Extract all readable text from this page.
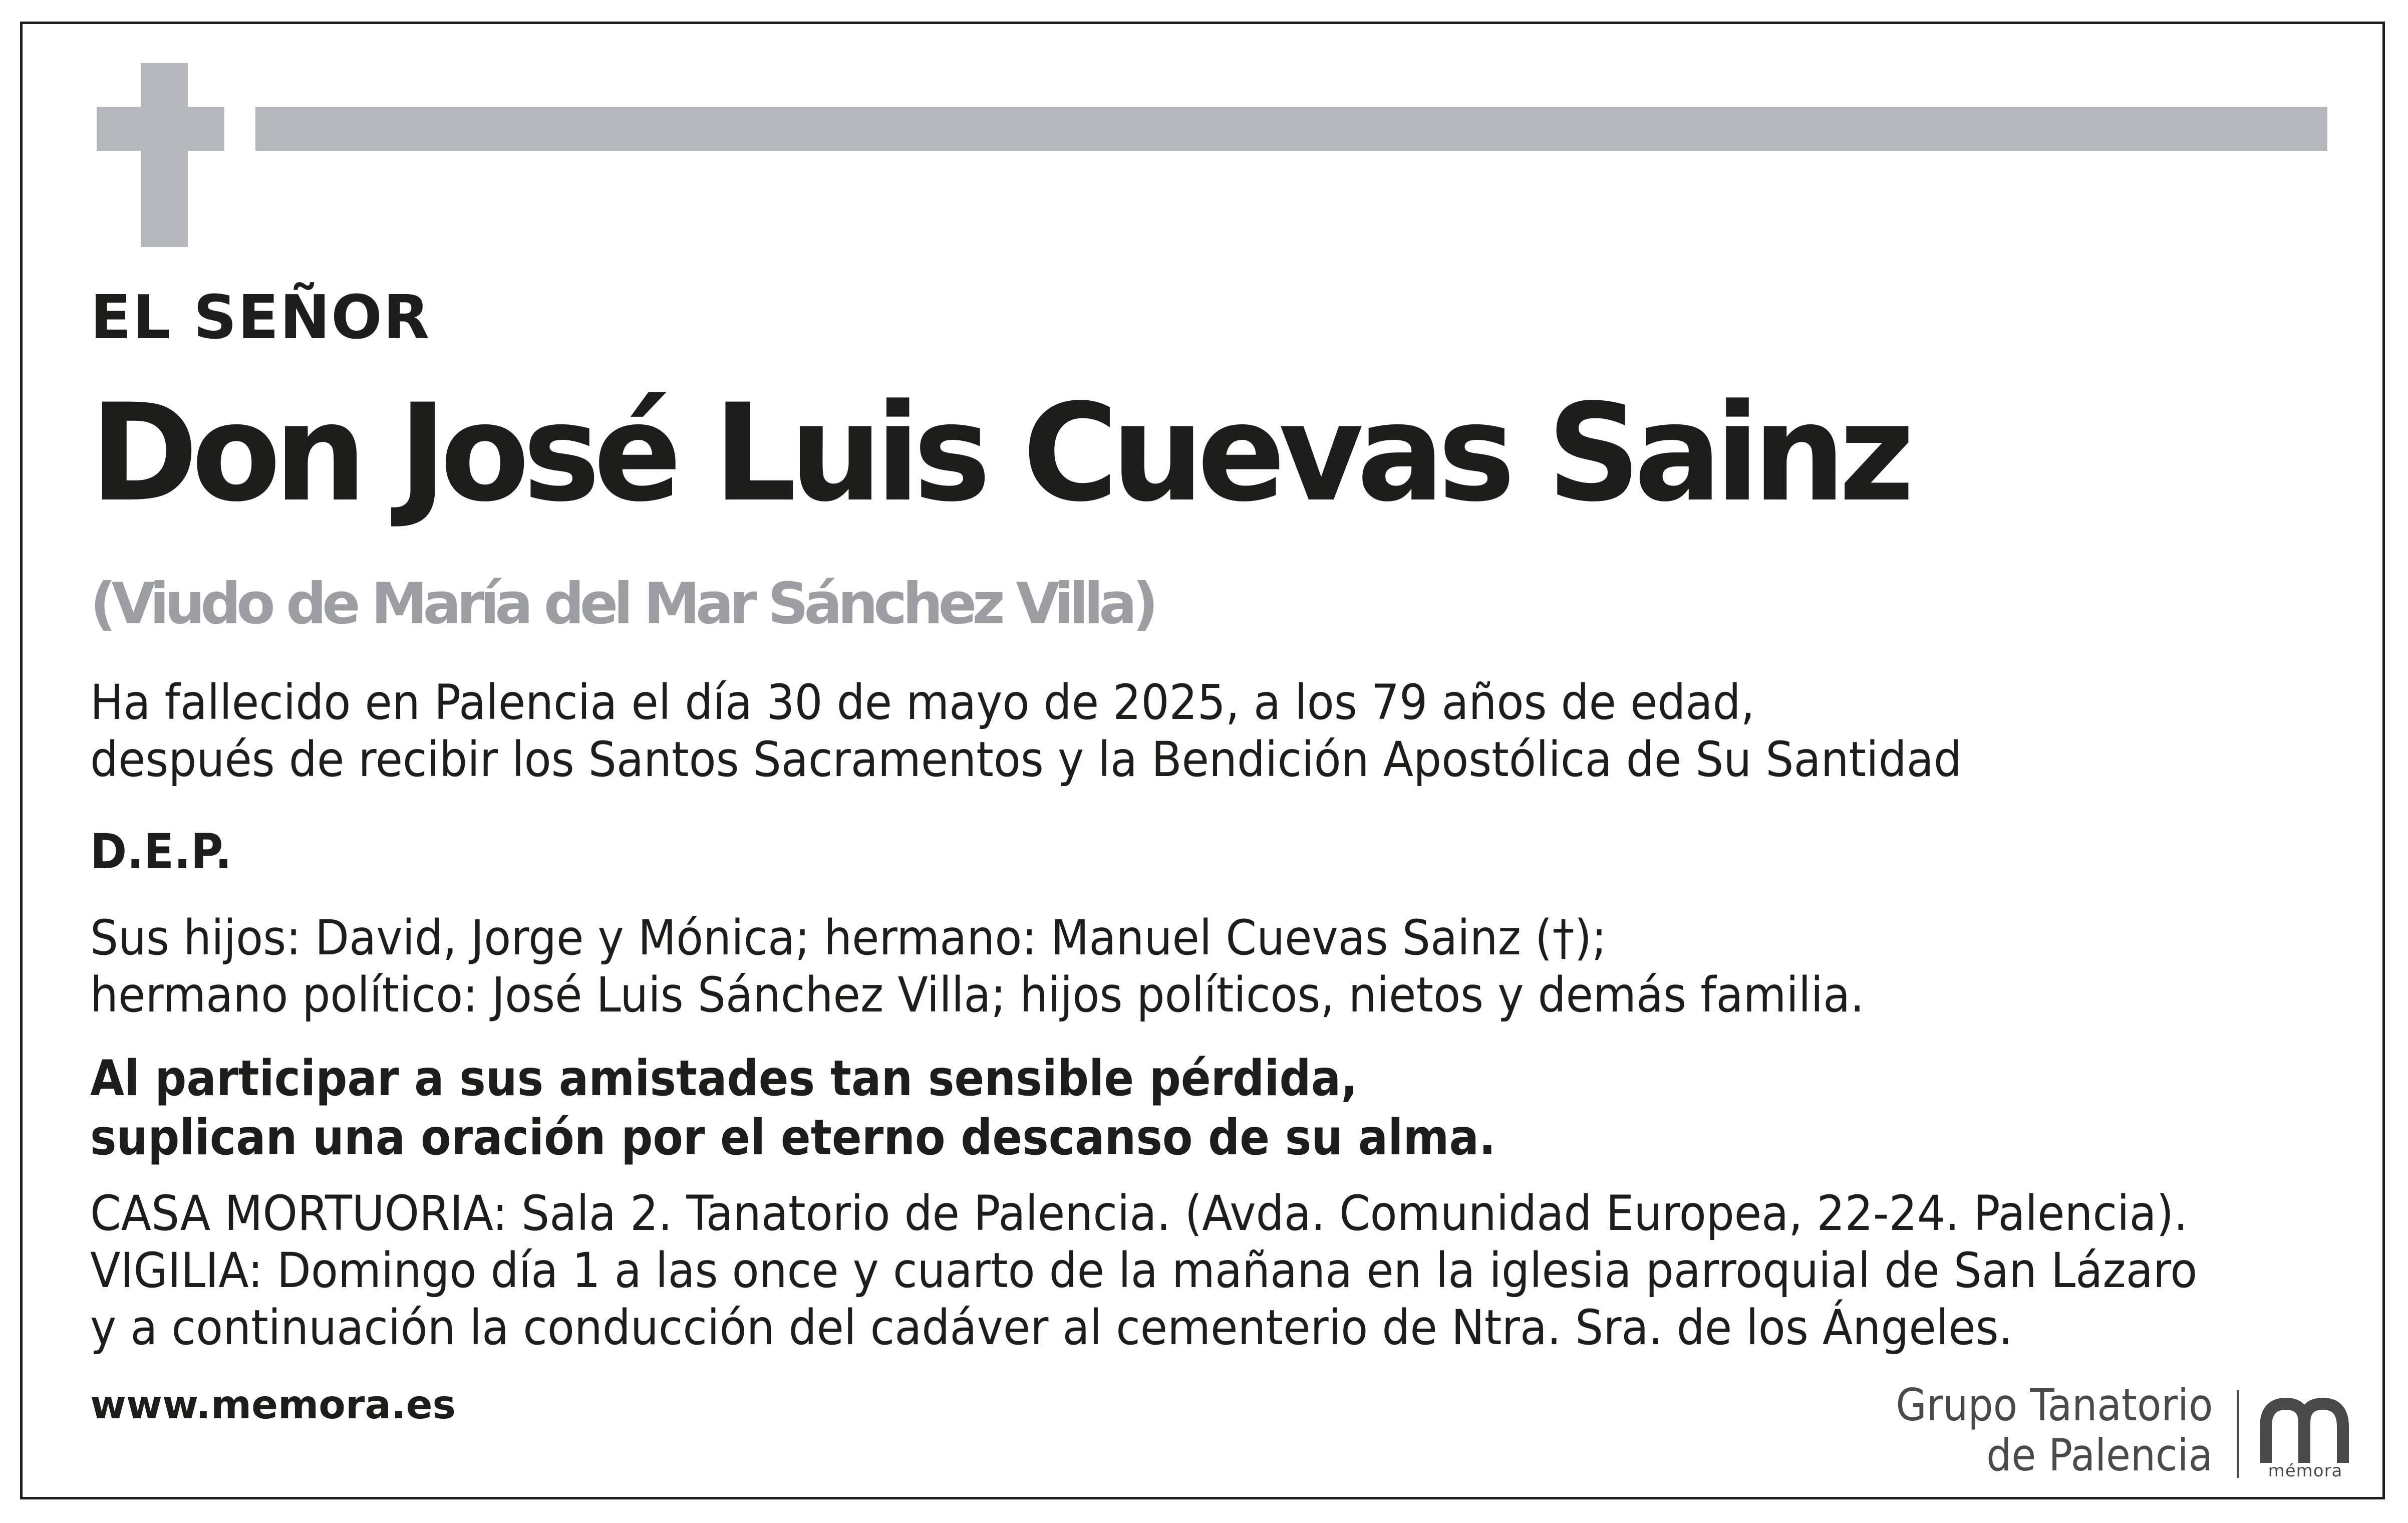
EL SEÑOR
Don José Luis Cuevas Sainz
(Viudo de María del Mar Sánchez Villa)
Ha fallecido en Palencia el día 30 de mayo de 2025, a los 79 años de edad,
después de recibir los Santos Sacramentos y la Bendición Apostólica de Su Santidad
D.E.P.
Sus hijos: David, Jorge y Mónica; hermano: Manuel Cuevas Sainz (†);
hermano político: José Luis Sánchez Villa; hijos políticos, nietos y demás familia.
Al participar a sus amistades tan sensible pérdida,
suplican una oración por el eterno descanso de su alma.
CASA MORTUORIA: Sala 2. Tanatorio de Palencia. (Avda. Comunidad Europea, 22-24. Palencia).
VIGILIA: Domingo día 1 a las once y cuarto de la mañana en la iglesia parroquial de San Lázaro
y a continuación la conducción del cadáver al cementerio de Ntra. Sra. de los Ángeles.
www.memora.es	Grupo Tanatorio
de Palencia	mémora
